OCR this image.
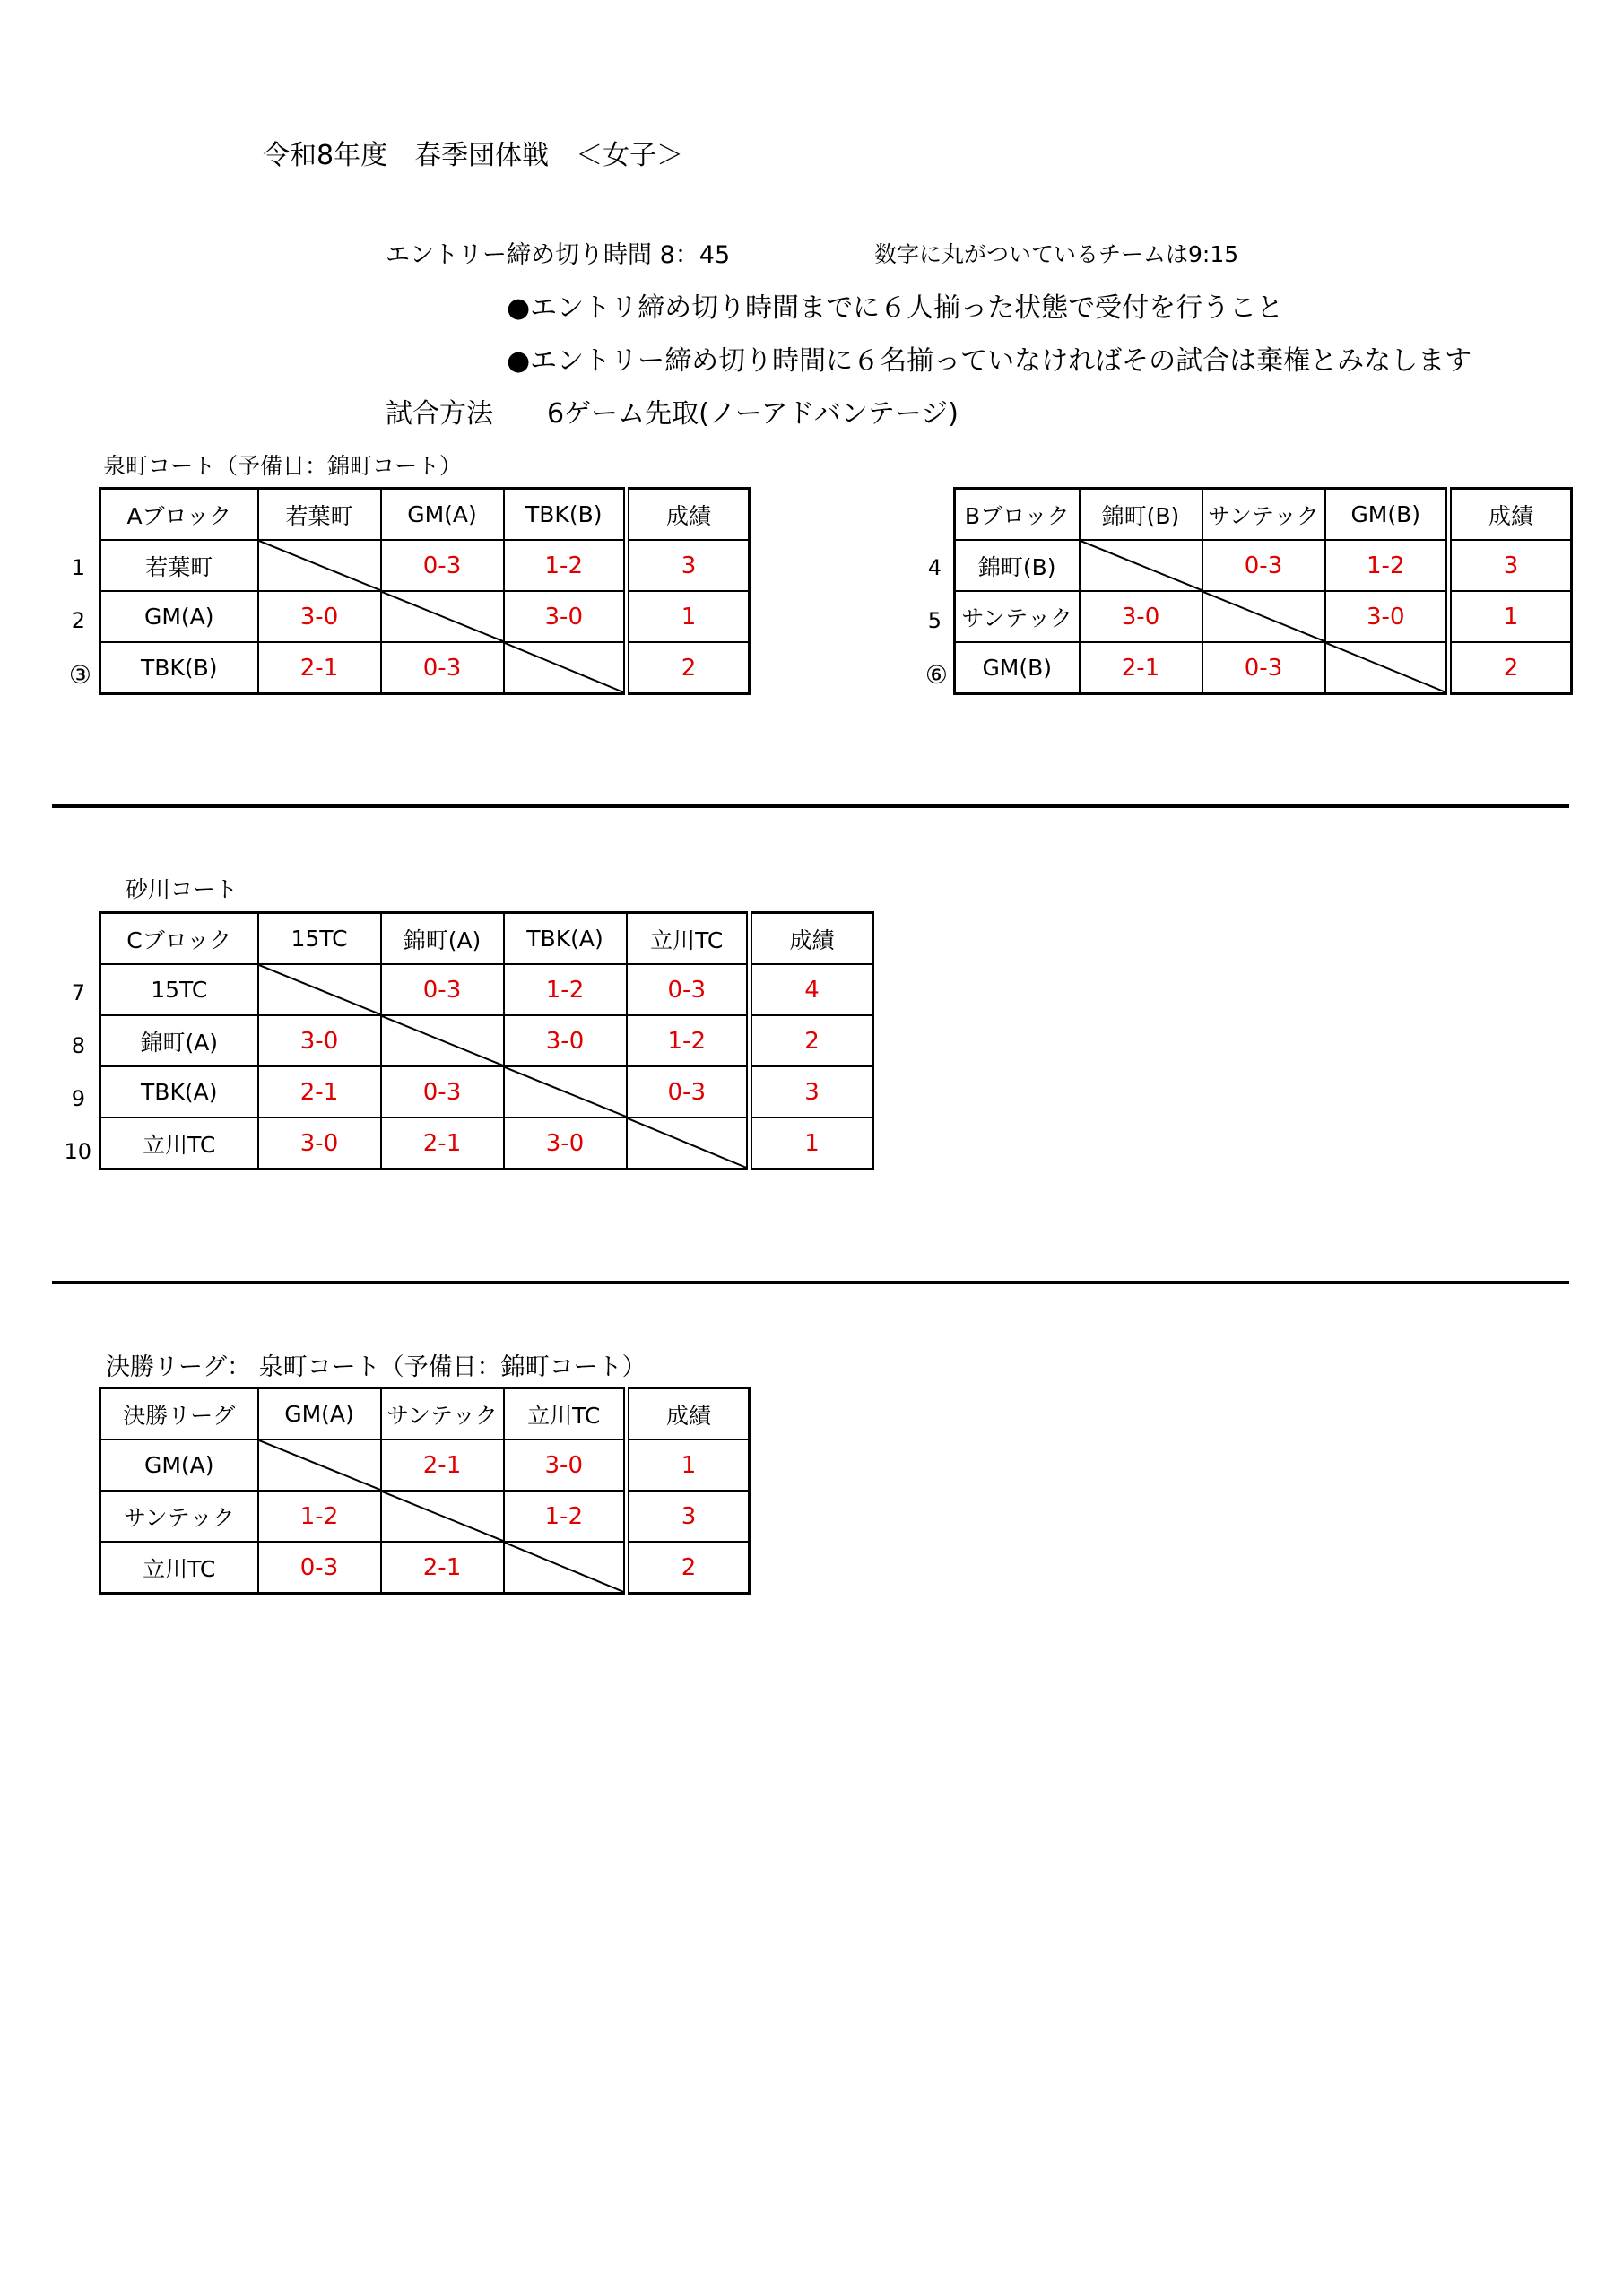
令和8年度　春季団体戦　＜女子＞
エントリー締め切り時間 8：45	数字に丸がついているチームは9:15
●エントリ締め切り時間までに６人揃った状態で受付を行うこと
●エントリー締め切り時間に６名揃っていなければその試合は棄権とみなします
試合方法　　6ゲーム先取(ノーアドバンテージ)
泉町コート（予備日：錦町コート）
1
2
③
Aブロック	若葉町	GM(A)	TBK(B)	成績
若葉町		0-3	1-2	3
GM(A)	3-0		3-0	1
TBK(B)	2-1	0-3		2
4
5
⑥
Bブロック	錦町(B)	サンテック	GM(B)	成績
錦町(B)		0-3	1-2	3
サンテック	3-0		3-0	1
GM(B)	2-1	0-3		2
砂川コート
7
8
9
10
Cブロック	15TC	錦町(A)	TBK(A)	立川TC	成績
15TC		0-3	1-2	0-3	4
錦町(A)	3-0		3-0	1-2	2
TBK(A)	2-1	0-3		0-3	3
立川TC	3-0	2-1	3-0		1
決勝リーグ： 泉町コート（予備日：錦町コート）
決勝リーグ	GM(A)	サンテック	立川TC	成績
GM(A)		2-1	3-0	1
サンテック	1-2		1-2	3
立川TC	0-3	2-1		2
